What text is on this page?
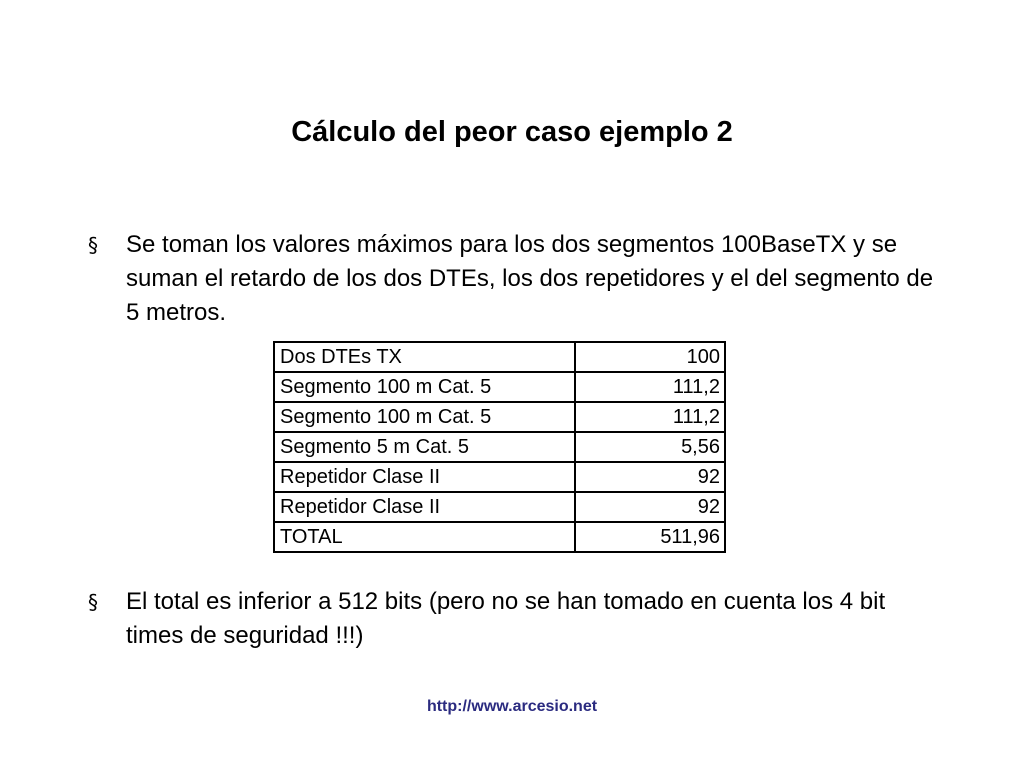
Cálculo del peor caso ejemplo 2
§	Se toman los valores máximos para los dos segmentos 100BaseTX y se suman el retardo de los dos DTEs, los dos repetidores y el del segmento de 5 metros.
Dos DTEs TX	100
Segmento 100 m Cat. 5	111,2
Segmento 100 m Cat. 5	111,2
Segmento 5 m Cat. 5	5,56
Repetidor Clase II	92
Repetidor Clase II	92
TOTAL	511,96
§	El total es inferior a 512 bits (pero no se han tomado en cuenta los 4 bit times de seguridad !!!)
http://www.arcesio.net
